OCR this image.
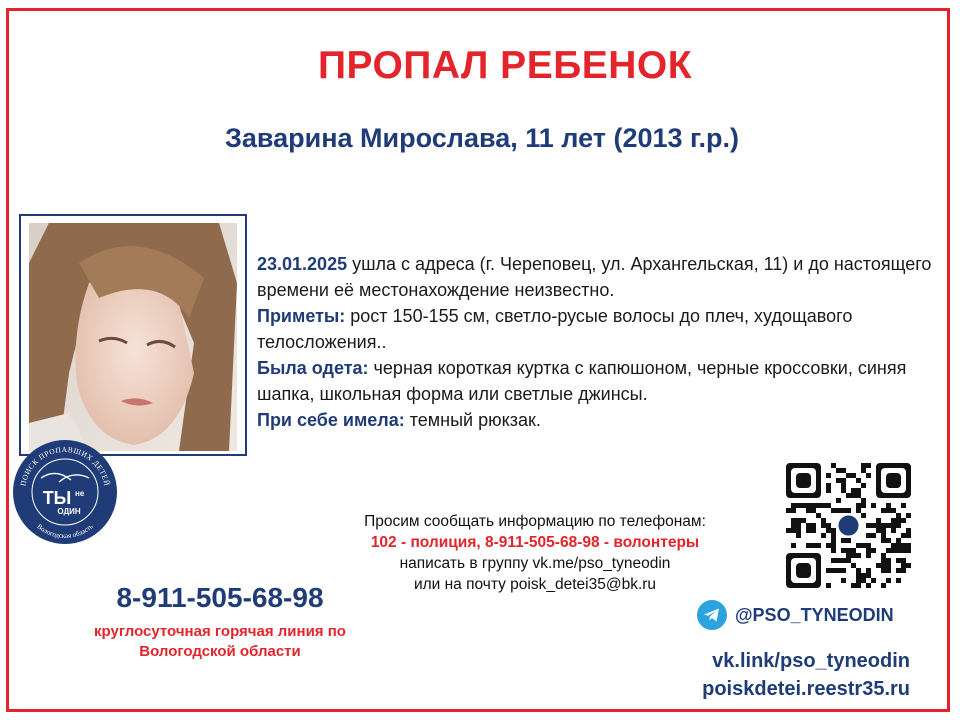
ПРОПАЛ РЕБЕНОК
Заварина Мирослава, 11 лет (2013 г.р.)
23.01.2025 ушла с адреса (г. Череповец, ул. Архангельская, 11) и до настоящего времени её местонахождение неизвестно.
Приметы: рост 150-155 см, светло-русые волосы до плеч, худощавого телосложения..
Была одета: черная короткая куртка с капюшоном, черные кроссовки, синяя шапка, школьная форма или светлые джинсы.
При себе имела: темный рюкзак.
ПОИСК ПРОПАВШИХ ДЕТЕЙ
Вологодская область
ТЫ не
ОДИН
Просим сообщать информацию по телефонам:
102 - полиция, 8-911-505-68-98 - волонтеры
написать в группу vk.me/pso_tyneodin
или на почту poisk_detei35@bk.ru
8-911-505-68-98
круглосуточная горячая линия по Вологодской области
@PSO_TYNEODIN
vk.link/pso_tyneodin
poiskdetei.reestr35.ru
